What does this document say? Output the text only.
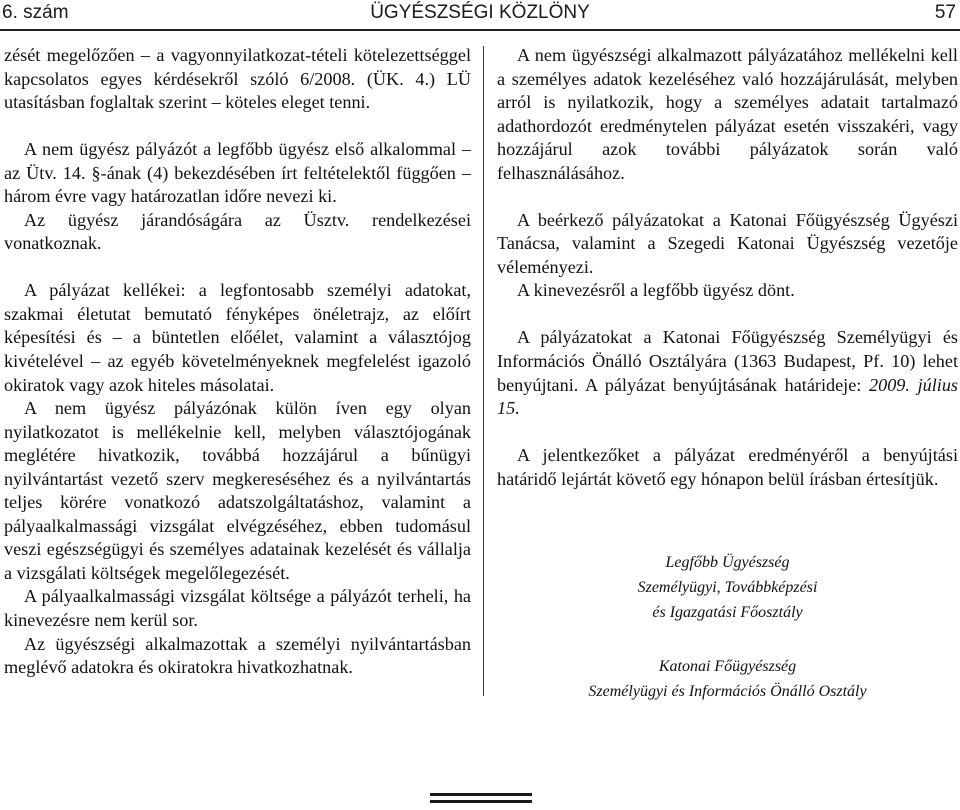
6. szám	ÜGYÉSZSÉGI KÖZLÖNY	57

zését megelőzően – a vagyonnyilatkozat-tételi kötelezettséggel kapcsolatos egyes kérdésekről szóló 6/2008. (ÜK. 4.) LÜ utasításban foglaltak szerint – köteles eleget tenni.

A nem ügyész pályázót a legfőbb ügyész első alkalommal – az Ütv. 14. §-ának (4) bekezdésében írt feltételektől függően – három évre vagy határozatlan időre nevezi ki.

Az ügyész járandóságára az Üsztv. rendelkezései vonatkoznak.

A pályázat kellékei: a legfontosabb személyi adatokat, szakmai életutat bemutató fényképes önéletrajz, az előírt képesítési és – a büntetlen előélet, valamint a választójog kivételével – az egyéb követelményeknek megfelelést igazoló okiratok vagy azok hiteles másolatai.

A nem ügyész pályázónak külön íven egy olyan nyilatkozatot is mellékelnie kell, melyben választójogának meglétére hivatkozik, továbbá hozzájárul a bűnügyi nyilvántartást vezető szerv megkereséséhez és a nyilvántartás teljes körére vonatkozó adatszolgáltatáshoz, valamint a pályaalkalmassági vizsgálat elvégzéséhez, ebben tudomásul veszi egészségügyi és személyes adatainak kezelését és vállalja a vizsgálati költségek megelőlegezését.

A pályaalkalmassági vizsgálat költsége a pályázót terheli, ha kinevezésre nem kerül sor.

Az ügyészségi alkalmazottak a személyi nyilvántartásban meglévő adatokra és okiratokra hivatkozhatnak.

A nem ügyészségi alkalmazott pályázatához mellékelni kell a személyes adatok kezeléséhez való hozzájárulását, melyben arról is nyilatkozik, hogy a személyes adatait tartalmazó adathordozót eredménytelen pályázat esetén visszakéri, vagy hozzájárul azok további pályázatok során való felhasználásához.

A beérkező pályázatokat a Katonai Főügyészség Ügyészi Tanácsa, valamint a Szegedi Katonai Ügyészség vezetője véleményezi.

A kinevezésről a legfőbb ügyész dönt.

A pályázatokat a Katonai Főügyészség Személyügyi és Információs Önálló Osztályára (1363 Budapest, Pf. 10) lehet benyújtani. A pályázat benyújtásának határideje: 2009. július 15.

A jelentkezőket a pályázat eredményéről a benyújtási határidő lejártát követő egy hónapon belül írásban értesítjük.

Legfőbb Ügyészség

Személyügyi, Továbbképzési

és Igazgatási Főosztály

Katonai Főügyészség

Személyügyi és Információs Önálló Osztály
